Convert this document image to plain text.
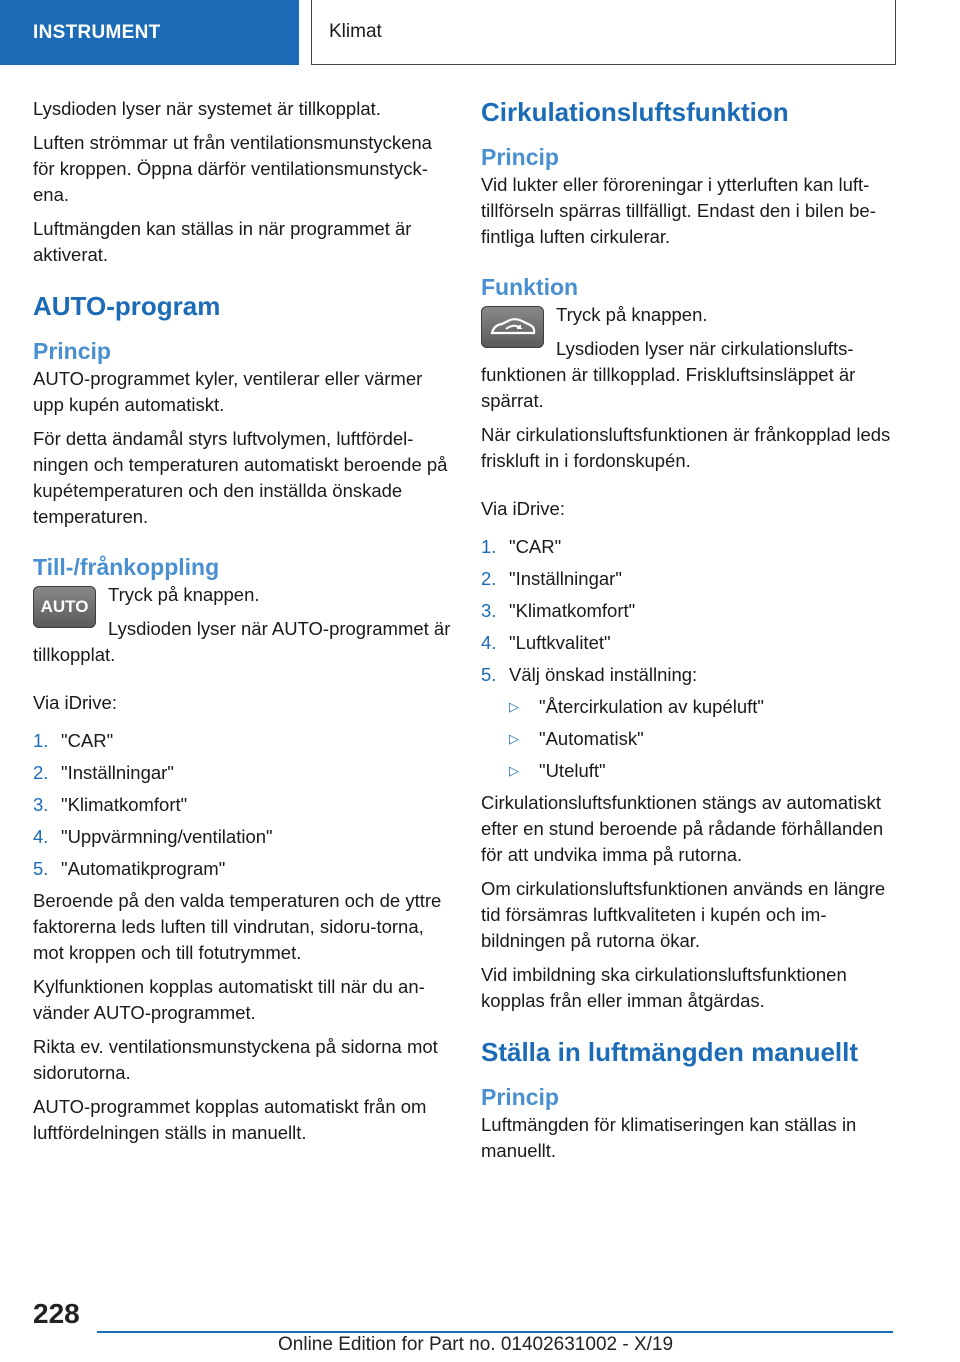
INSTRUMENT	Klimat

Lysdioden lyser när systemet är tillkopplat.

Luften strömmar ut från ventilationsmunstyckena för kroppen. Öppna därför ventilationsmunstyck-ena.

Luftmängden kan ställas in när programmet är aktiverat.

AUTO-program
Princip

AUTO-programmet kyler, ventilerar eller värmer upp kupén automatiskt.

För detta ändamål styrs luftvolymen, luftfördel-ningen och temperaturen automatiskt beroende på kupétemperaturen och den inställda önskade temperaturen.

Till-/frånkoppling
AUTO

Tryck på knappen.

Lysdioden lyser när AUTO-programmet är tillkopplat.

Via iDrive:

1. "CAR"
2. "Inställningar"
3. "Klimatkomfort"
4. "Uppvärmning/ventilation"
5. "Automatikprogram"

Beroende på den valda temperaturen och de yttre faktorerna leds luften till vindrutan, sidoru-torna, mot kroppen och till fotutrymmet.

Kylfunktionen kopplas automatiskt till när du an-vänder AUTO-programmet.

Rikta ev. ventilationsmunstyckena på sidorna mot sidorutorna.

AUTO-programmet kopplas automatiskt från om luftfördelningen ställs in manuellt.

Cirkulationsluftsfunktion
Princip

Vid lukter eller föroreningar i ytterluften kan luft-tillförseln spärras tillfälligt. Endast den i bilen be-fintliga luften cirkulerar.

Funktion

Tryck på knappen.

Lysdioden lyser när cirkulationslufts-funktionen är tillkopplad. Friskluftsinsläppet är spärrat.

När cirkulationsluftsfunktionen är frånkopplad leds friskluft in i fordonskupén.

Via iDrive:

1. "CAR"
2. "Inställningar"
3. "Klimatkomfort"
4. "Luftkvalitet"
5. Välj önskad inställning:
▷	"Återcirkulation av kupéluft"
▷	"Automatisk"
▷	"Uteluft"

Cirkulationsluftsfunktionen stängs av automatiskt efter en stund beroende på rådande förhållanden för att undvika imma på rutorna.

Om cirkulationsluftsfunktionen används en längre tid försämras luftkvaliteten i kupén och im-bildningen på rutorna ökar.

Vid imbildning ska cirkulationsluftsfunktionen kopplas från eller imman åtgärdas.

Ställa in luftmängden manuellt
Princip

Luftmängden för klimatiseringen kan ställas in manuellt.

228
Online Edition for Part no. 01402631002 - X/19
